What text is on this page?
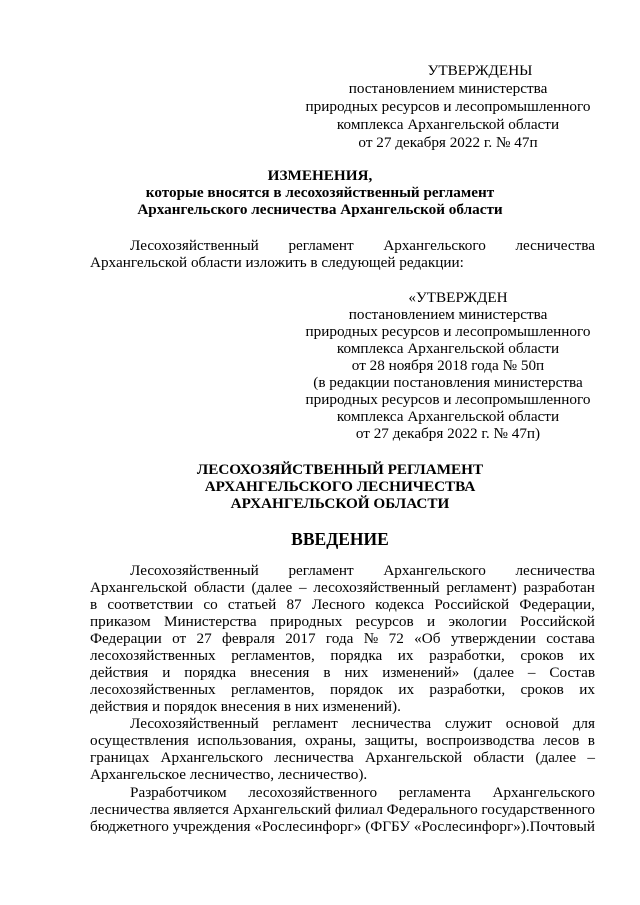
УТВЕРЖДЕНЫ
постановлением министерства
природных ресурсов и лесопромышленного
комплекса Архангельской области
от 27 декабря 2022 г. № 47п
ИЗМЕНЕНИЯ,
которые вносятся в лесохозяйственный регламент
Архангельского лесничества Архангельской области
Лесохозяйственный регламент Архангельского лесничества
Архангельской области изложить в следующей редакции:
«УТВЕРЖДЕН
постановлением министерства
природных ресурсов и лесопромышленного
комплекса Архангельской области
от 28 ноября 2018 года № 50п
(в редакции постановления министерства
природных ресурсов и лесопромышленного
комплекса Архангельской области
от 27 декабря 2022 г. № 47п)
ЛЕСОХОЗЯЙСТВЕННЫЙ РЕГЛАМЕНТ
АРХАНГЕЛЬСКОГО ЛЕСНИЧЕСТВА
АРХАНГЕЛЬСКОЙ ОБЛАСТИ
ВВЕДЕНИЕ
Лесохозяйственный регламент Архангельского лесничества
Архангельской области (далее – лесохозяйственный регламент) разработан
в соответствии со статьей 87 Лесного кодекса Российской Федерации,
приказом Министерства природных ресурсов и экологии Российской
Федерации от 27 февраля 2017 года № 72 «Об утверждении состава
лесохозяйственных регламентов, порядка их разработки, сроков их
действия и порядка внесения в них изменений» (далее – Состав
лесохозяйственных регламентов, порядок их разработки, сроков их
действия и порядок внесения в них изменений).
Лесохозяйственный регламент лесничества служит основой для
осуществления использования, охраны, защиты, воспроизводства лесов в
границах Архангельского лесничества Архангельской области (далее –
Архангельское лесничество, лесничество).
Разработчиком лесохозяйственного регламента Архангельского
лесничества является Архангельский филиал Федерального государственного
бюджетного учреждения «Рослесинфорг» (ФГБУ «Рослесинфорг»).Почтовый
